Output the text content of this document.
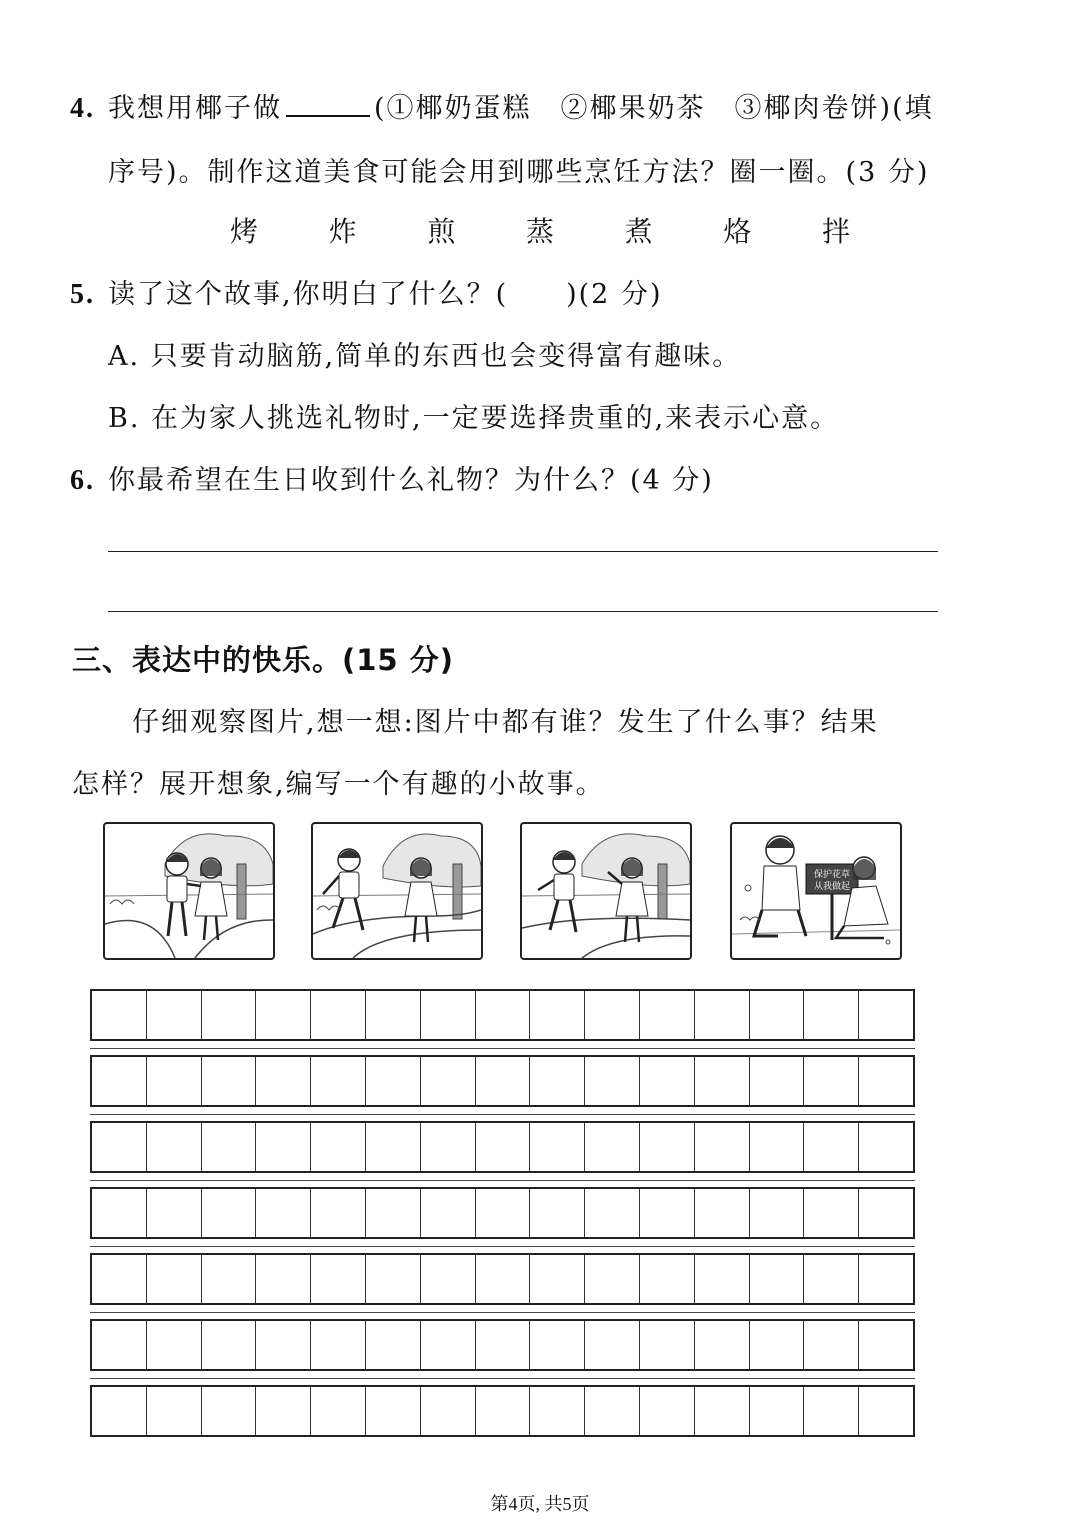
4. 我想用椰子做	(①椰奶蛋糕　②椰果奶茶　③椰肉卷饼)(填
序号)。制作这道美食可能会用到哪些烹饪方法？圈一圈。(3 分)
烤	炸	煎	蒸	煮	烙	拌
5. 读了这个故事,你明白了什么？(　　)(2 分)
A. 只要肯动脑筋,简单的东西也会变得富有趣味。
B. 在为家人挑选礼物时,一定要选择贵重的,来表示心意。
6. 你最希望在生日收到什么礼物？为什么？(4 分)
三、表达中的快乐。(15 分)
仔细观察图片,想一想:图片中都有谁？发生了什么事？结果
怎样？展开想象,编写一个有趣的小故事。
保护花草
从我做起
第4页, 共5页
